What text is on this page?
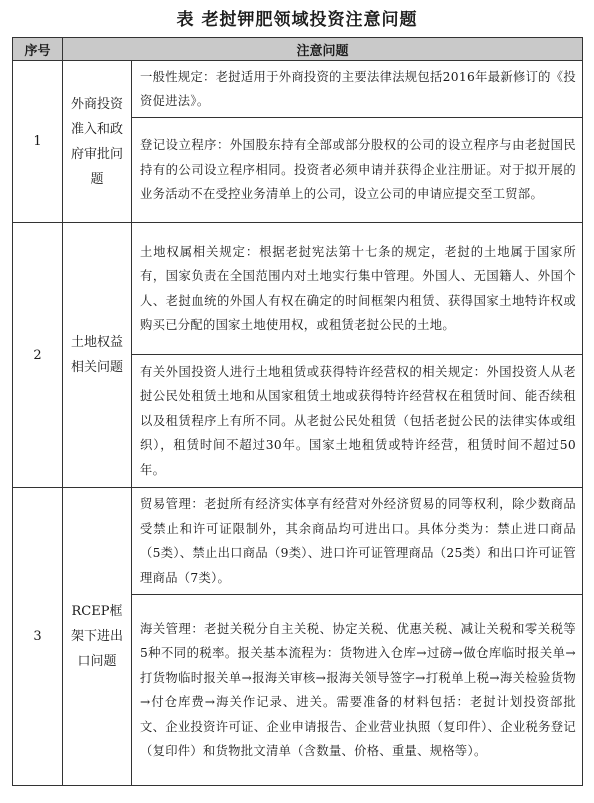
表 老挝钾肥领域投资注意问题
序号	注意问题	
1	外商投资准入和政府审批问题	一般性规定：老挝适用于外商投资的主要法律法规包括2016年最新修订的《投资促进法》。
		登记设立程序：外国股东持有全部或部分股权的公司的设立程序与由老挝国民持有的公司设立程序相同。投资者必须申请并获得企业注册证。对于拟开展的业务活动不在受控业务清单上的公司，设立公司的申请应提交至工贸部。
2	土地权益相关问题	土地权属相关规定：根据老挝宪法第十七条的规定，老挝的土地属于国家所有，国家负责在全国范围内对土地实行集中管理。外国人、无国籍人、外国个人、老挝血统的外国人有权在确定的时间框架内租赁、获得国家土地特许权或购买已分配的国家土地使用权，或租赁老挝公民的土地。
		有关外国投资人进行土地租赁或获得特许经营权的相关规定：外国投资人从老挝公民处租赁土地和从国家租赁土地或获得特许经营权在租赁时间、能否续租以及租赁程序上有所不同。从老挝公民处租赁（包括老挝公民的法律实体或组织），租赁时间不超过30年。国家土地租赁或特许经营，租赁时间不超过50年。
3	RCEP框架下进出口问题	贸易管理：老挝所有经济实体享有经营对外经济贸易的同等权利，除少数商品受禁止和许可证限制外，其余商品均可进出口。具体分类为：禁止进口商品（5类）、禁止出口商品（9类）、进口许可证管理商品（25类）和出口许可证管理商品（7类）。
		海关管理：老挝关税分自主关税、协定关税、优惠关税、减让关税和零关税等5种不同的税率。报关基本流程为：货物进入仓库→过磅→做仓库临时报关单→打货物临时报关单→报海关审核→报海关领导签字→打税单上税→海关检验货物→付仓库费→海关作记录、进关。需要准备的材料包括：老挝计划投资部批文、企业投资许可证、企业申请报告、企业营业执照（复印件）、企业税务登记（复印件）和货物批文清单（含数量、价格、重量、规格等）。
